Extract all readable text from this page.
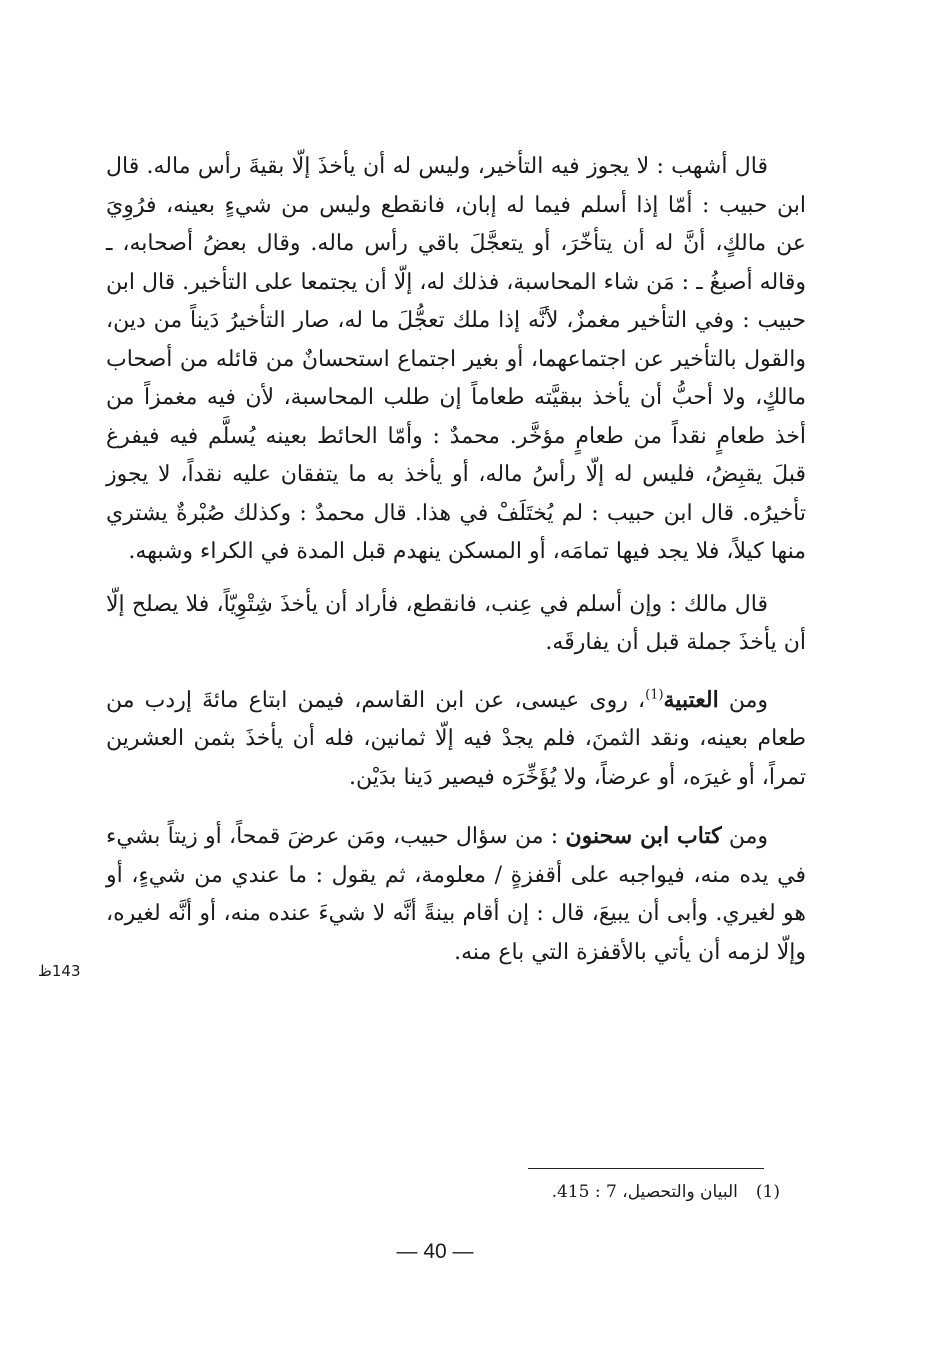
قال أشهب : لا يجوز فيه التأخير، وليس له أن يأخذَ إلّا بقيةَ رأس ماله. قال ابن حبيب : أمّا إذا أسلم فيما له إبان، فانقطع وليس من شيءٍ بعينه، فرُوِيَ عن مالكٍ، أنَّ له أن يتأخّرَ، أو يتعجَّلَ باقي رأس ماله. وقال بعضُ أصحابه، ـ وقاله أصبغُ ـ : مَن شاء المحاسبة، فذلك له، إلّا أن يجتمعا على التأخير. قال ابن حبيب : وفي التأخير مغمزٌ، لأنَّه إذا ملك تعجُّلَ ما له، صار التأخيرُ دَيناً من دين، والقول بالتأخير عن اجتماعهما، أو بغير اجتماع استحسانٌ من قائله من أصحاب مالكٍ، ولا أحبُّ أن يأخذ ببقيَّته طعاماً إن طلب المحاسبة، لأن فيه مغمزاً من أخذ طعامٍ نقداً من طعامٍ مؤخَّر. محمدٌ : وأمّا الحائط بعينه يُسلَّم فيه فيفرغ قبلَ يقبِضُ، فليس له إلّا رأسُ ماله، أو يأخذ به ما يتفقان عليه نقداً، لا يجوز تأخيرُه. قال ابن حبيب : لم يُختَلَفْ في هذا. قال محمدٌ : وكذلك صُبْرةٌ يشتري منها كيلاً، فلا يجد فيها تمامَه، أو المسكن ينهدم قبل المدة في الكراء وشبهه.

قال مالك : وإن أسلم في عِنب، فانقطع، فأراد أن يأخذَ شِتْوِيّاً، فلا يصلح إلّا أن يأخذَ جملة قبل أن يفارقَه.

ومن العتبية$^{(1)}$، روى عيسى، عن ابن القاسم، فيمن ابتاع مائةَ إردب من طعام بعينه، ونقد الثمنَ، فلم يجدْ فيه إلّا ثمانين، فله أن يأخذَ بثمن العشرين تمراً، أو غيرَه، أو عرضاً، ولا يُؤَخِّرَه فيصير دَينا بدَيْن.

ومن كتاب ابن سحنون : من سؤال حبيب، ومَن عرضَ قمحاً، أو زيتاً بشيء في يده منه، فيواجبه على أقفزةٍ / معلومة، ثم يقول : ما عندي من شيءٍ، أو هو لغيري. وأبى أن يبيعَ، قال : إن أقام بينةً أنَّه لا شيءَ عنده منه، أو أنَّه لغيره، وإلّا لزمه أن يأتي بالأقفزة التي باع منه.

143ظ
(1)البيان والتحصيل، 7 : 415.
— 40 —
